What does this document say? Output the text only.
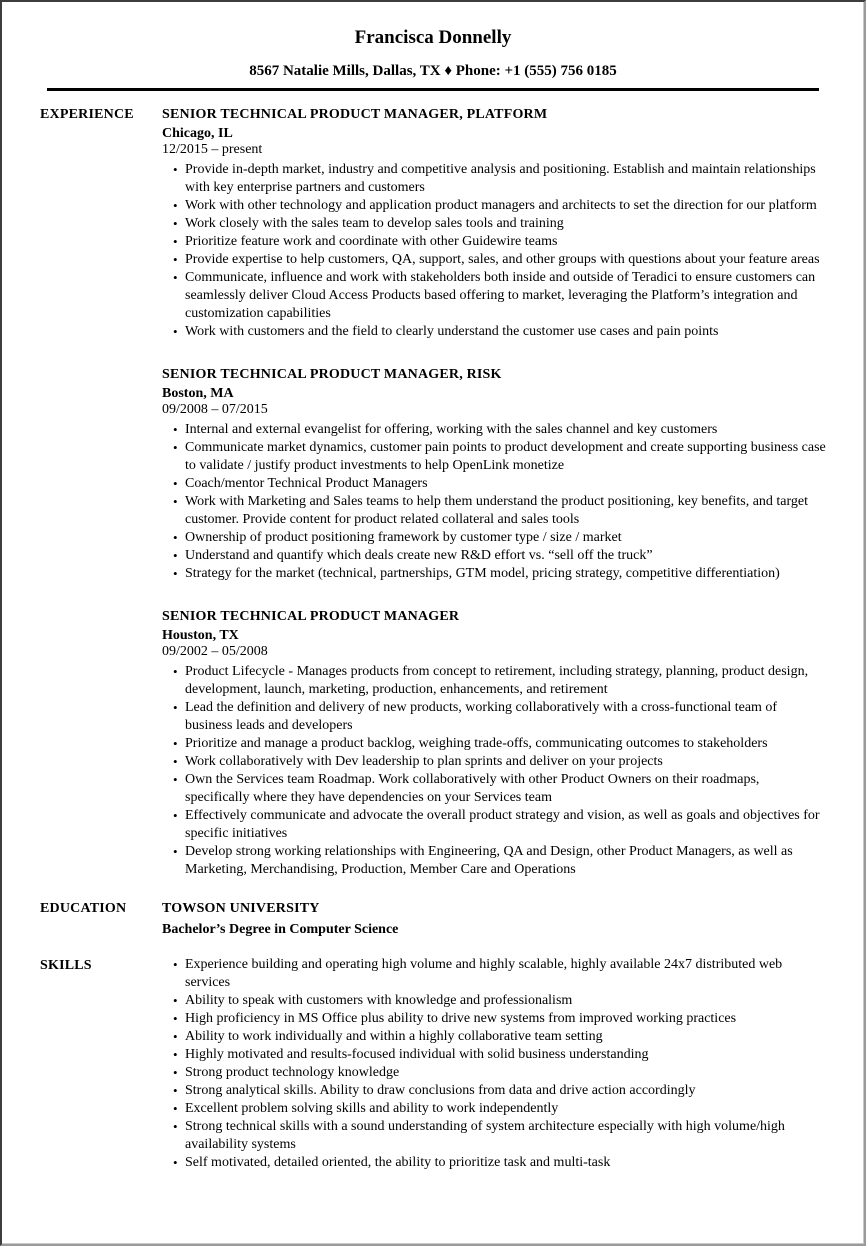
Francisca Donnelly
8567 Natalie Mills, Dallas, TX ♦ Phone: +1 (555) 756 0185
EXPERIENCE	SENIOR TECHNICAL PRODUCT MANAGER, PLATFORM
Chicago, IL
12/2015 – present
• Provide in-depth market, industry and competitive analysis and positioning. Establish and maintain relationships with key enterprise partners and customers
• Work with other technology and application product managers and architects to set the direction for our platform
• Work closely with the sales team to develop sales tools and training
• Prioritize feature work and coordinate with other Guidewire teams
• Provide expertise to help customers, QA, support, sales, and other groups with questions about your feature areas
• Communicate, influence and work with stakeholders both inside and outside of Teradici to ensure customers can seamlessly deliver Cloud Access Products based offering to market, leveraging the Platform’s integration and customization capabilities
• Work with customers and the field to clearly understand the customer use cases and pain points
SENIOR TECHNICAL PRODUCT MANAGER, RISK
Boston, MA
09/2008 – 07/2015
• Internal and external evangelist for offering, working with the sales channel and key customers
• Communicate market dynamics, customer pain points to product development and create supporting business case to validate / justify product investments to help OpenLink monetize
• Coach/mentor Technical Product Managers
• Work with Marketing and Sales teams to help them understand the product positioning, key benefits, and target customer. Provide content for product related collateral and sales tools
• Ownership of product positioning framework by customer type / size / market
• Understand and quantify which deals create new R&D effort vs. “sell off the truck”
• Strategy for the market (technical, partnerships, GTM model, pricing strategy, competitive differentiation)
SENIOR TECHNICAL PRODUCT MANAGER
Houston, TX
09/2002 – 05/2008
• Product Lifecycle - Manages products from concept to retirement, including strategy, planning, product design, development, launch, marketing, production, enhancements, and retirement
• Lead the definition and delivery of new products, working collaboratively with a cross-functional team of business leads and developers
• Prioritize and manage a product backlog, weighing trade-offs, communicating outcomes to stakeholders
• Work collaboratively with Dev leadership to plan sprints and deliver on your projects
• Own the Services team Roadmap. Work collaboratively with other Product Owners on their roadmaps, specifically where they have dependencies on your Services team
• Effectively communicate and advocate the overall product strategy and vision, as well as goals and objectives for specific initiatives
• Develop strong working relationships with Engineering, QA and Design, other Product Managers, as well as Marketing, Merchandising, Production, Member Care and Operations
EDUCATION	TOWSON UNIVERSITY
Bachelor’s Degree in Computer Science
SKILLS	• Experience building and operating high volume and highly scalable, highly available 24x7 distributed web services
• Ability to speak with customers with knowledge and professionalism
• High proficiency in MS Office plus ability to drive new systems from improved working practices
• Ability to work individually and within a highly collaborative team setting
• Highly motivated and results-focused individual with solid business understanding
• Strong product technology knowledge
• Strong analytical skills. Ability to draw conclusions from data and drive action accordingly
• Excellent problem solving skills and ability to work independently
• Strong technical skills with a sound understanding of system architecture especially with high volume/high availability systems
• Self motivated, detailed oriented, the ability to prioritize task and multi-task
